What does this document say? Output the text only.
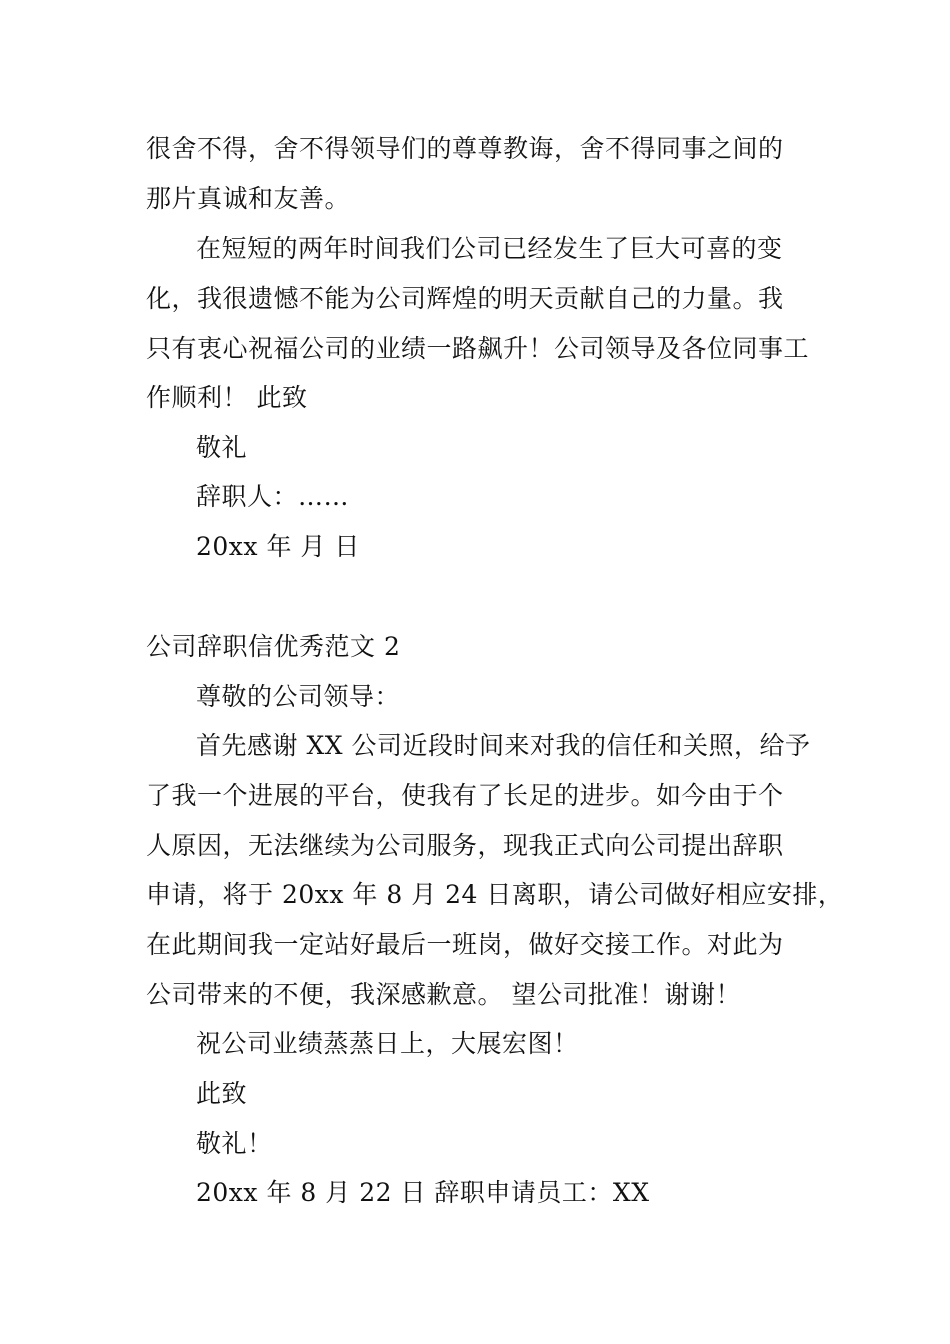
很舍不得，舍不得领导们的尊尊教诲，舍不得同事之间的
那片真诚和友善。
在短短的两年时间我们公司已经发生了巨大可喜的变
化，我很遗憾不能为公司辉煌的明天贡献自己的力量。我
只有衷心祝福公司的业绩一路飙升！公司领导及各位同事工
作顺利！ 此致
敬礼
辞职人：……
20xx 年 月 日
公司辞职信优秀范文 2
尊敬的公司领导：
首先感谢 XX 公司近段时间来对我的信任和关照，给予
了我一个进展的平台，使我有了长足的进步。如今由于个
人原因，无法继续为公司服务，现我正式向公司提出辞职
申请，将于 20xx 年 8 月 24 日离职，请公司做好相应安排，
在此期间我一定站好最后一班岗，做好交接工作。对此为
公司带来的不便，我深感歉意。 望公司批准！谢谢！
祝公司业绩蒸蒸日上，大展宏图！
此致
敬礼！
20xx 年 8 月 22 日 辞职申请员工：XX
